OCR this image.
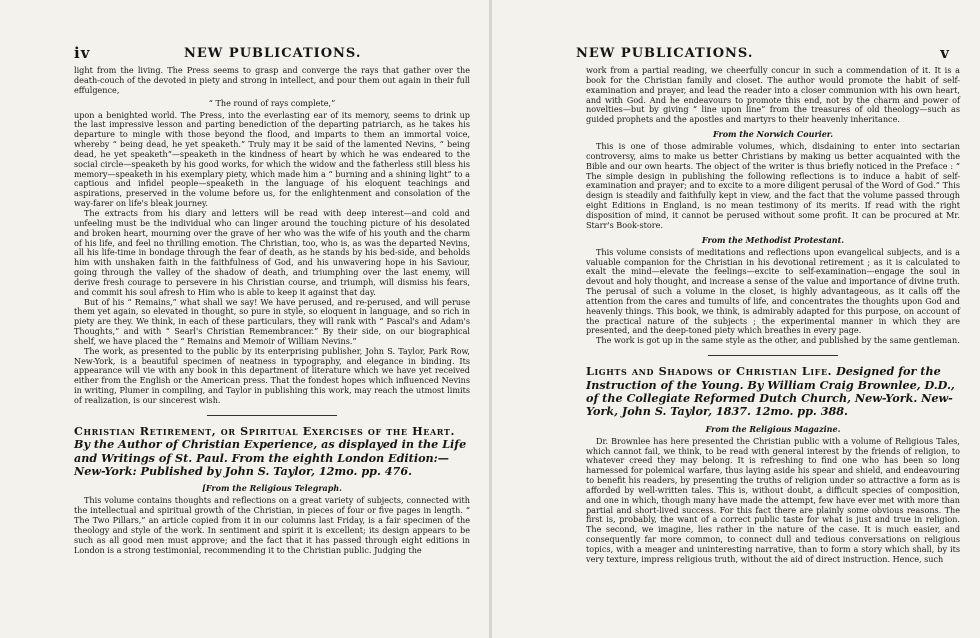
iv	NEW PUBLICATIONS.

light from the living. The Press seems to grasp and converge the rays that gather over the death-couch of the devoted in piety and strong in intellect, and pour them out again in their full effulgence,

“ The round of rays complete,”

upon a benighted world. The Press, into the everlasting ear of its memory, seems to drink up the last impressive lesson and parting benediction of the departing patriarch, as he takes his departure to mingle with those beyond the flood, and imparts to them an immortal voice, whereby “ being dead, he yet speaketh.” Truly may it be said of the lamented Nevins, “ being dead, he yet speaketh”—speaketh in the kindness of heart by which he was endeared to the social circle—speaketh by his good works, for which the widow and the fatherless still bless his memory—speaketh in his exemplary piety, which made him a “ burning and a shining light” to a captious and infidel people—speaketh in the language of his eloquent teachings and aspirations, preserved in the volume before us, for the enlightenment and consolation of the way-farer on life's bleak journey.

The extracts from his diary and letters will be read with deep interest—and cold and unfeeling must be the individual who can linger around the touching picture of his desolated and broken heart, mourning over the grave of her who was the wife of his youth and the charm of his life, and feel no thrilling emotion. The Christian, too, who is, as was the departed Nevins, all his life-time in bondage through the fear of death, as he stands by his bed-side, and beholds him with unshaken faith in the faithfulness of God, and his unwavering hope in his Saviour, going through the valley of the shadow of death, and triumphing over the last enemy, will derive fresh courage to persevere in his Christian course, and triumph, will dismiss his fears, and commit his soul afresh to Him who is able to keep it against that day.

But of his “ Remains,” what shall we say! We have perused, and re-perused, and will peruse them yet again, so elevated in thought, so pure in style, so eloquent in language, and so rich in piety are they. We think, in each of these particulars, they will rank with “ Pascal's and Adam's Thoughts,” and with “ Searl's Christian Remembrancer.” By their side, on our biographical shelf, we have placed the “ Remains and Memoir of William Nevins.”

The work, as presented to the public by its enterprising publisher, John S. Taylor, Park Row, New-York, is a beautiful specimen of neatness in typography, and elegance in binding. Its appearance will vie with any book in this department of literature which we have yet received either from the English or the American press. That the fondest hopes which influenced Nevins in writing, Plumer in compiling, and Taylor in publishing this work, may reach the utmost limits of realization, is our sincerest wish.

Christian Retirement, or Spiritual Exercises of the Heart. By the Author of Christian Experience, as displayed in the Life and Writings of St. Paul. From the eighth London Edition:—New-York: Published by John S. Taylor, 12mo. pp. 476.
[From the Religious Telegraph.

This volume contains thoughts and reflections on a great variety of subjects, connected with the intellectual and spiritual growth of the Christian, in pieces of four or five pages in length. “ The Two Pillars,” an article copied from it in our columns last Friday, is a fair specimen of the theology and style of the work. In sentiment and spirit it is excellent; its design appears to be such as all good men must approve; and the fact that it has passed through eight editions in London is a strong testimonial, recommending it to the Christian public. Judging the

NEW PUBLICATIONS.	v

work from a partial reading, we cheerfully concur in such a commendation of it. It is a book for the Christian family and closet. The author would promote the habit of self-examination and prayer, and lead the reader into a closer communion with his own heart, and with God. And he endeavours to promote this end, not by the charm and power of novelties—but by giving “ line upon line” from the treasures of old theology—such as guided prophets and the apostles and martyrs to their heavenly inheritance.

From the Norwich Courier.

This is one of those admirable volumes, which, disdaining to enter into sectarian controversy, aims to make us better Christians by making us better acquainted with the Bible and our own hearts. The object of the writer is thus briefly noticed in the Preface : “ The simple design in publishing the following reflections is to induce a habit of self-examination and prayer; and to excite to a more diligent perusal of the Word of God.” This design is steadily and faithfully kept in view, and the fact that the volume passed through eight Editions in England, is no mean testimony of its merits. If read with the right disposition of mind, it cannot be perused without some profit. It can be procured at Mr. Starr's Book-store.

From the Methodist Protestant.

This volume consists of meditations and reflections upon evangelical subjects, and is a valuable companion for the Christian in his devotional retirement ; as it is calculated to exalt the mind—elevate the feelings—excite to self-examination—engage the soul in devout and holy thought, and increase a sense of the value and importance of divine truth. The perusal of such a volume in the closet, is highly advantageous, as it calls off the attention from the cares and tumults of life, and concentrates the thoughts upon God and heavenly things. This book, we think, is admirably adapted for this purpose, on account of the practical nature of the subjects ; the experimental manner in which they are presented, and the deep-toned piety which breathes in every page.

The work is got up in the same style as the other, and published by the same gentleman.

Lights and Shadows of Christian Life. Designed for the Instruction of the Young. By William Craig Brownlee, D.D., of the Collegiate Reformed Dutch Church, New-York. New-York, John S. Taylor, 1837. 12mo. pp. 388.
From the Religious Magazine.

Dr. Brownlee has here presented the Christian public with a volume of Religious Tales, which cannot fail, we think, to be read with general interest by the friends of religion, to whatever creed they may belong. It is refreshing to find one who has been so long harnessed for polemical warfare, thus laying aside his spear and shield, and endeavouring to benefit his readers, by presenting the truths of religion under so attractive a form as is afforded by well-written tales. This is, without doubt, a difficult species of composition, and one in which, though many have made the attempt, few have ever met with more than partial and short-lived success. For this fact there are plainly some obvious reasons. The first is, probably, the want of a correct public taste for what is just and true in religion. The second, we imagine, lies rather in the nature of the case. It is much easier, and consequently far more common, to connect dull and tedious conversations on religious topics, with a meager and uninteresting narrative, than to form a story which shall, by its very texture, impress religious truth, without the aid of direct instruction. Hence, such
